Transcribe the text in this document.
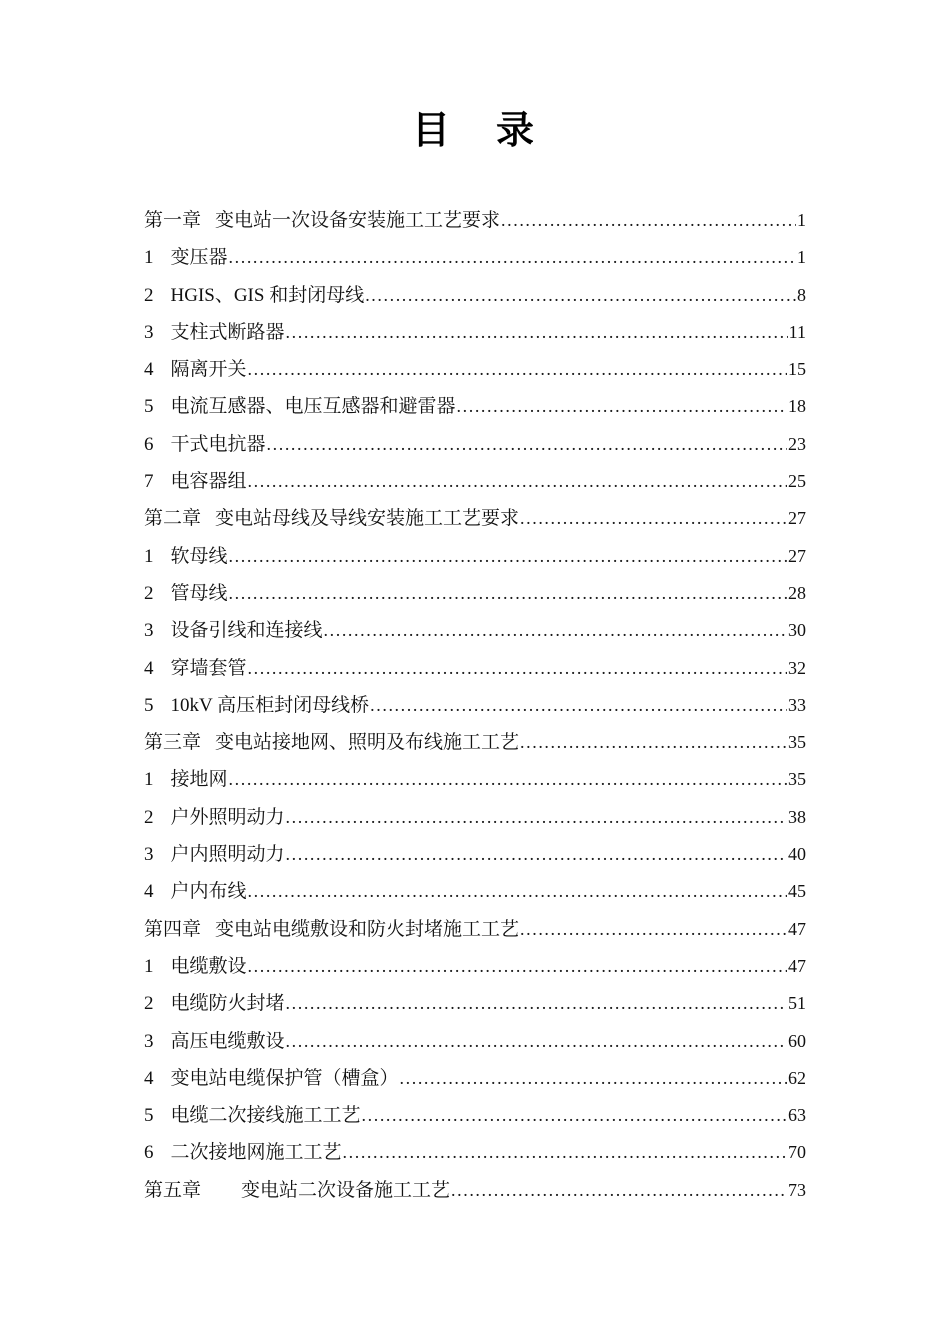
目　录
第一章 变电站一次设备安装施工工艺要求 .....	1
1 变压器 .....	1
2 HGIS、GIS 和封闭母线 .....	8
3 支柱式断路器 .....	11
4 隔离开关 .....	15
5 电流互感器、电压互感器和避雷器 .....	18
6 干式电抗器 .....	23
7 电容器组 .....	25
第二章 变电站母线及导线安装施工工艺要求 .....	27
1 软母线 .....	27
2 管母线 .....	28
3 设备引线和连接线 .....	30
4 穿墙套管 .....	32
5 10kV 高压柜封闭母线桥 .....	33
第三章 变电站接地网、照明及布线施工工艺 .....	35
1 接地网 .....	35
2 户外照明动力 .....	38
3 户内照明动力 .....	40
4 户内布线 .....	45
第四章 变电站电缆敷设和防火封堵施工工艺 .....	47
1 电缆敷设 .....	47
2 电缆防火封堵 .....	51
3 高压电缆敷设 .....	60
4 变电站电缆保护管（槽盒） .....	62
5 电缆二次接线施工工艺 .....	63
6 二次接地网施工工艺 .....	70
第五章 变电站二次设备施工工艺 .....	73
